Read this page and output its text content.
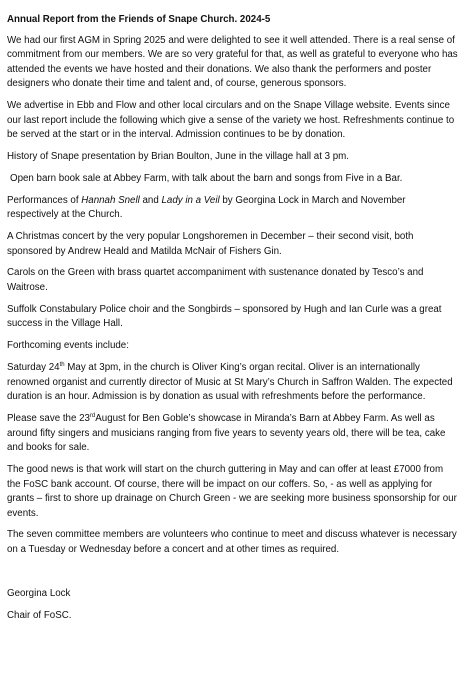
Annual Report from the Friends of Snape Church. 2024-5

We had our first AGM in Spring 2025 and were delighted to see it well attended. There is a real sense of commitment from our members. We are so very grateful for that, as well as grateful to everyone who has attended the events we have hosted and their donations. We also thank the performers and poster designers who donate their time and talent and, of course, generous sponsors.

We advertise in Ebb and Flow and other local circulars and on the Snape Village website. Events since our last report include the following which give a sense of the variety we host. Refreshments continue to be served at the start or in the interval. Admission continues to be by donation.

History of Snape presentation by Brian Boulton, June in the village hall at 3 pm.

Open barn book sale at Abbey Farm, with talk about the barn and songs from Five in a Bar.

Performances of Hannah Snell and Lady in a Veil by Georgina Lock in March and November respectively at the Church.

A Christmas concert by the very popular Longshoremen in December – their second visit, both sponsored by Andrew Heald and Matilda McNair of Fishers Gin.

Carols on the Green with brass quartet accompaniment with sustenance donated by Tesco’s and Waitrose.

Suffolk Constabulary Police choir and the Songbirds – sponsored by Hugh and Ian Curle was a great success in the Village Hall.

Forthcoming events include:

Saturday 24th May at 3pm, in the church is Oliver King’s organ recital. Oliver is an internationally renowned organist and currently director of Music at St Mary’s Church in Saffron Walden. The expected duration is an hour. Admission is by donation as usual with refreshments before the performance.

Please save the 23rdAugust for Ben Goble’s showcase in Miranda’s Barn at Abbey Farm. As well as around fifty singers and musicians ranging from five years to seventy years old, there will be tea, cake and books for sale.

The good news is that work will start on the church guttering in May and can offer at least £7000 from the FoSC bank account. Of course, there will be impact on our coffers. So, - as well as applying for grants – first to shore up drainage on Church Green - we are seeking more business sponsorship for our events.

The seven committee members are volunteers who continue to meet and discuss whatever is necessary on a Tuesday or Wednesday before a concert and at other times as required.

Georgina Lock

Chair of FoSC.
